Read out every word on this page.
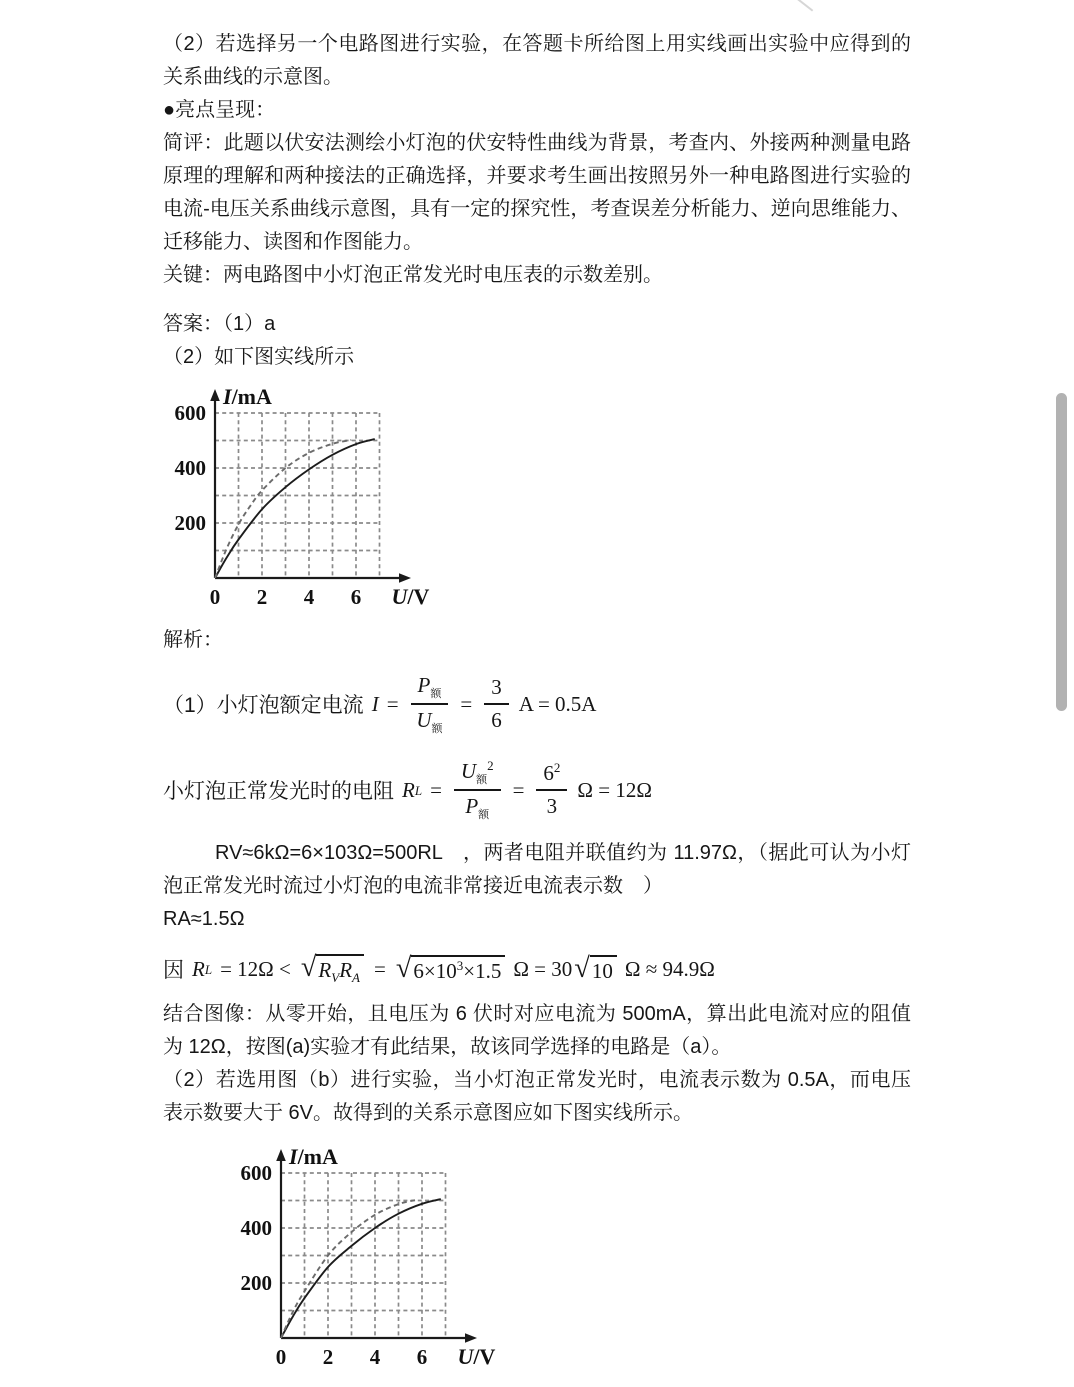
（2）若选择另一个电路图进行实验，在答题卡所给图上用实线画出实验中应得到的关系曲线的示意图。

●亮点呈现：

简评：此题以伏安法测绘小灯泡的伏安特性曲线为背景，考查内、外接两种测量电路原理的理解和两种接法的正确选择，并要求考生画出按照另外一种电路图进行实验的电流-电压关系曲线示意图，具有一定的探究性，考查误差分析能力、逆向思维能力、迁移能力、读图和作图能力。

关键：两电路图中小灯泡正常发光时电压表的示数差别。

答案：（1）a

（2）如下图实线所示

200
400
600
0 2 4 6
I/mA
U/V

解析：

（1）小灯泡额定电流 $I = \frac{P_额}{U_额} = \frac{3}{6}$ A = 0.5A
小灯泡正常发光时的电阻 R $L = \frac{U_额^2}{P_额} = \frac{6^2}{3}$ Ω = 12Ω

RV≈6kΩ=6×103Ω=500RL　，两者电阻并联值约为 11.97Ω，（据此可认为小灯泡正常发光时流过小灯泡的电流非常接近电流表示数　）

RA≈1.5Ω

因 R L = 12Ω < √ $R_VR_A$ = √ $6\times 10^3\times 1.5$ Ω = 30 √ 10 Ω ≈ 94.9Ω

结合图像：从零开始，且电压为 6 伏时对应电流为 500mA，算出此电流对应的阻值为 12Ω，按图(a)实验才有此结果，故该同学选择的电路是（a）。

（2）若选用图（b）进行实验，当小灯泡正常发光时，电流表示数为 0.5A，而电压表示数要大于 6V。故得到的关系示意图应如下图实线所示。

200
400
600
0 2 4 6
I/mA
U/V
